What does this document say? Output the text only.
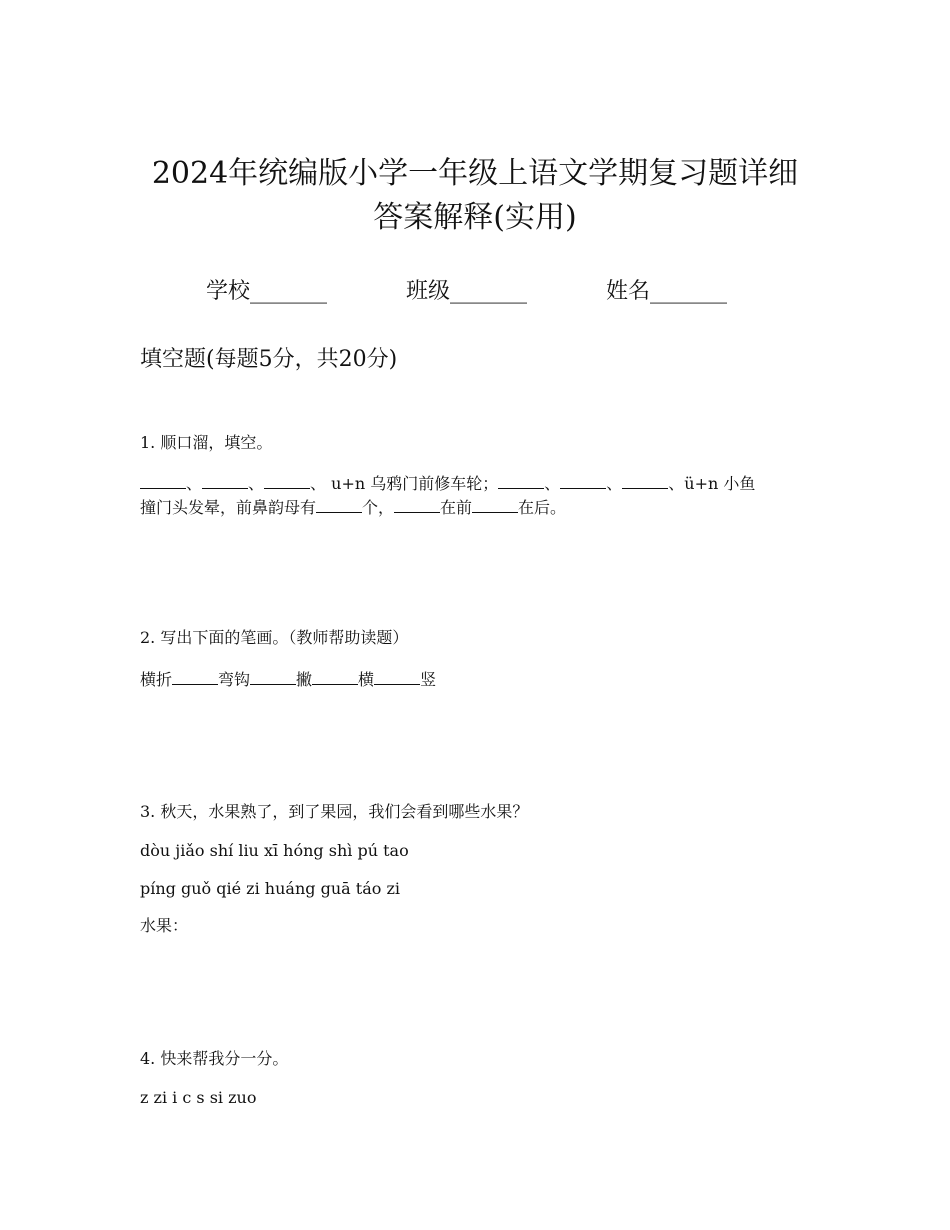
2024年统编版小学一年级上语文学期复习题详细
答案解释(实用)
学校_______	班级_______	姓名_______
填空题(每题5分，共20分)
1. 顺口溜，填空。
、	、	、 u+n 乌鸦门前修车轮；	、	、	、ü+n 小鱼
撞门头发晕，前鼻韵母有	个，	在前	在后。
2. 写出下面的笔画。（教师帮助读题）
横折	弯钩	撇	横	竖
3. 秋天，水果熟了，到了果园，我们会看到哪些水果？
dòu jiǎo shí liu xī hóng shì pú tao
píng guǒ qié zi huáng guā táo zi
水果：
4. 快来帮我分一分。
z zi i c s si zuo
